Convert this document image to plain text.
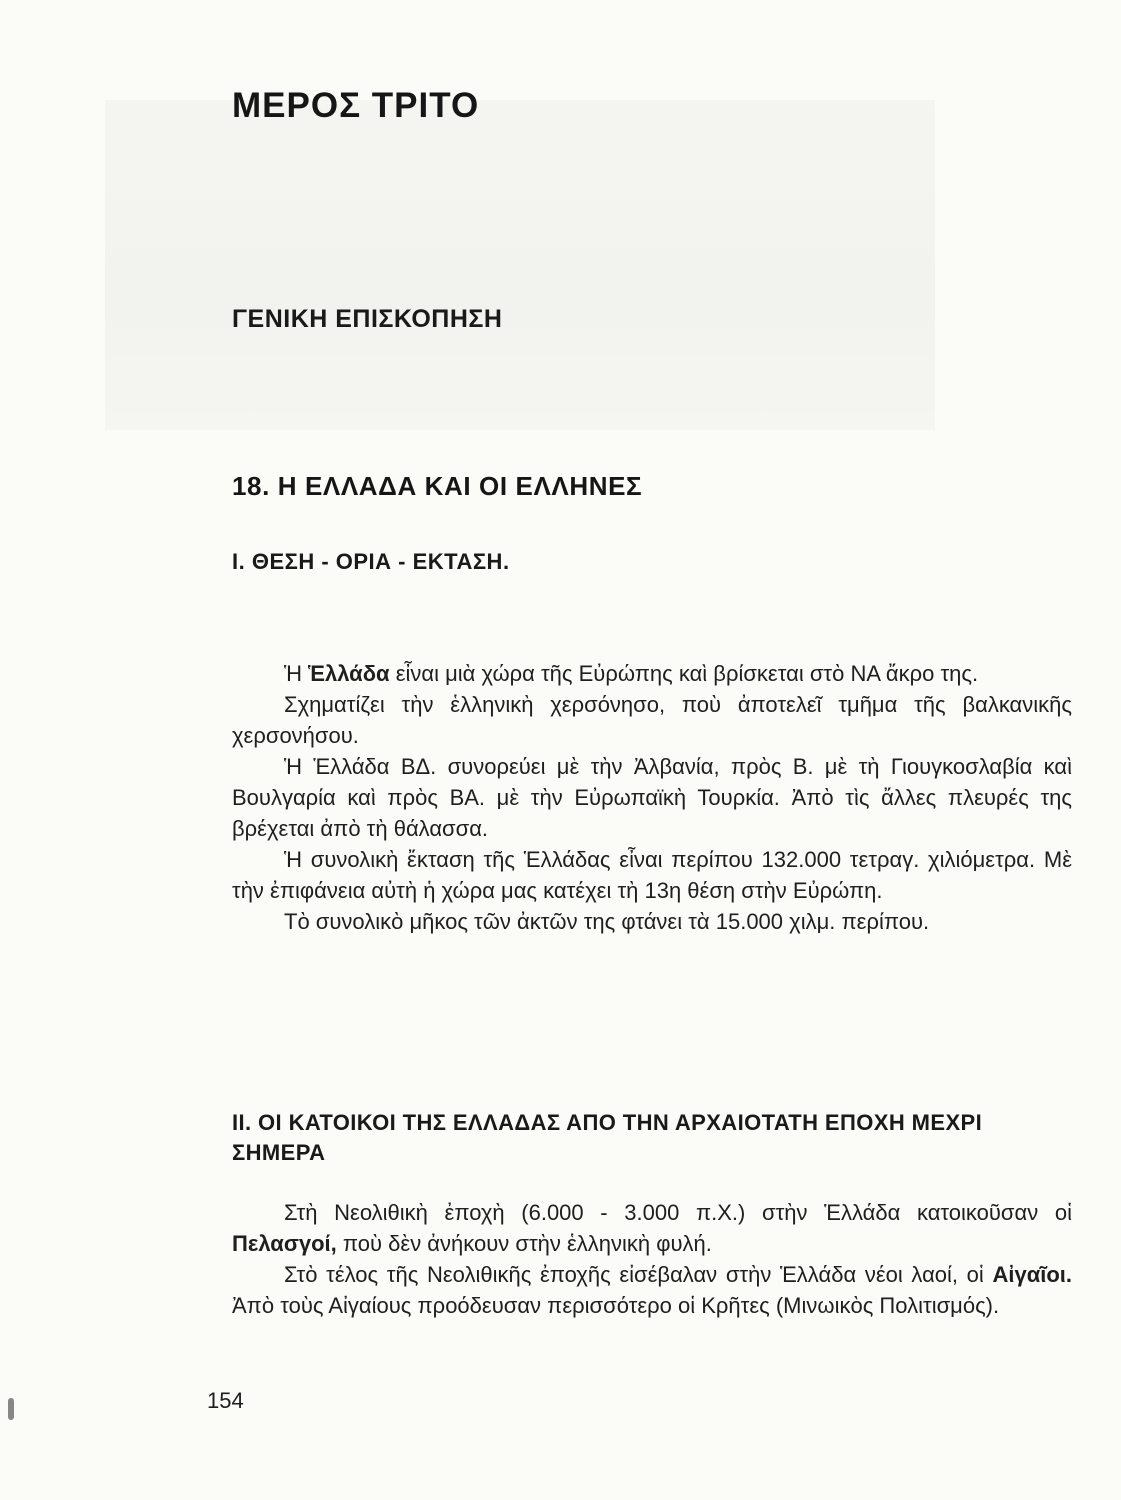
ΜΕΡΟΣ ΤΡΙΤΟ
ΓΕΝΙΚΗ ΕΠΙΣΚΟΠΗΣΗ
18. Η ΕΛΛΑΔΑ ΚΑΙ ΟΙ ΕΛΛΗΝΕΣ
Ι. ΘΕΣΗ - ΟΡΙΑ - ΕΚΤΑΣΗ.

Ἡ Ἑλλάδα εἶναι μιὰ χώρα τῆς Εὐρώπης καὶ βρίσκεται στὸ ΝΑ ἄκρο της.

Σχηματίζει τὴν ἑλληνικὴ χερσόνησο, ποὺ ἀποτελεῖ τμῆμα τῆς βαλκανικῆς χερσονήσου.

Ἡ Ἑλλάδα ΒΔ. συνορεύει μὲ τὴν Ἀλβανία, πρὸς Β. μὲ τὴ Γιουγκοσλαβία καὶ Βουλγαρία καὶ πρὸς ΒΑ. μὲ τὴν Εὐρωπαϊκὴ Τουρκία. Ἀπὸ τὶς ἄλλες πλευρές της βρέχεται ἀπὸ τὴ θάλασσα.

Ἡ συνολικὴ ἔκταση τῆς Ἑλλάδας εἶναι περίπου 132.000 τετραγ. χιλιόμετρα. Μὲ τὴν ἐπιφάνεια αὐτὴ ἡ χώρα μας κατέχει τὴ 13η θέση στὴν Εὐρώπη.

Τὸ συνολικὸ μῆκος τῶν ἀκτῶν της φτάνει τὰ 15.000 χιλμ. περίπου.

ΙΙ. ΟΙ ΚΑΤΟΙΚΟΙ ΤΗΣ ΕΛΛΑΔΑΣ ΑΠΟ ΤΗΝ ΑΡΧΑΙΟΤΑΤΗ ΕΠΟΧΗ ΜΕΧΡΙ ΣΗΜΕΡΑ

Στὴ Νεολιθικὴ ἐποχὴ (6.000 - 3.000 π.Χ.) στὴν Ἑλλάδα κατοικοῦσαν οἱ Πελασγοί, ποὺ δὲν ἀνήκουν στὴν ἑλληνικὴ φυλή.

Στὸ τέλος τῆς Νεολιθικῆς ἐποχῆς εἰσέβαλαν στὴν Ἑλλάδα νέοι λαοί, οἱ Αἰγαῖοι. Ἀπὸ τοὺς Αἰγαίους προόδευσαν περισσότερο οἱ Κρῆτες (Μινωικὸς Πολιτισμός).

154
